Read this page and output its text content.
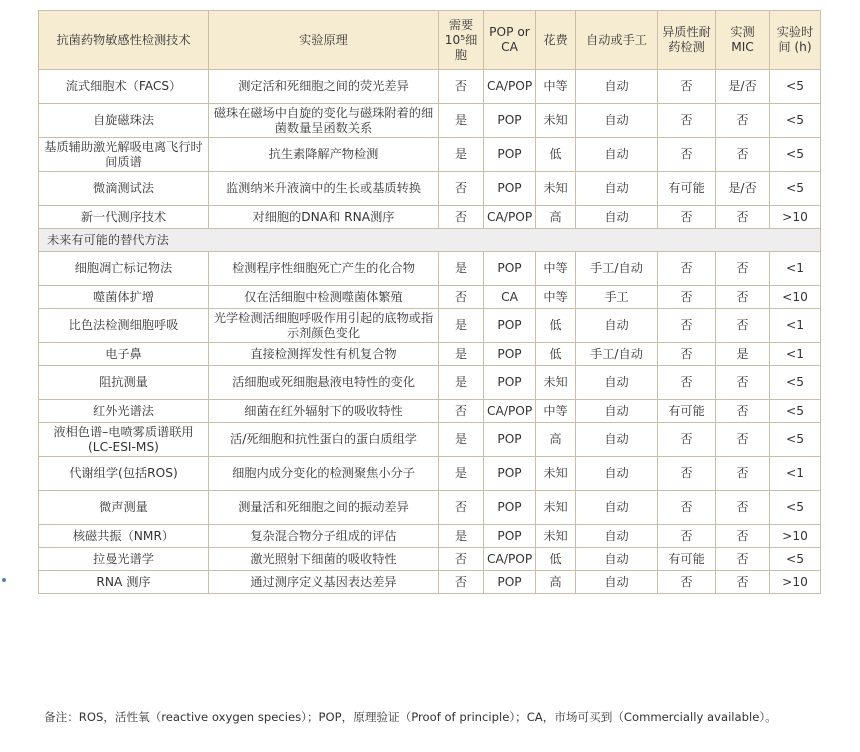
抗菌药物敏感性检测技术	实验原理	需要10⁵细胞	POP or CA	花费	自动或手工	异质性耐药检测	实测 MIC	实验时间 (h)
流式细胞术（FACS）	测定活和死细胞之间的荧光差异	否	CA/POP	中等	自动	否	是/否	<5
自旋磁珠法	磁珠在磁场中自旋的变化与磁珠附着的细菌数量呈函数关系	是	POP	未知	自动	否	否	<5
基质辅助激光解吸电离飞行时间质谱	抗生素降解产物检测	是	POP	低	自动	否	否	<5
微滴测试法	监测纳米升液滴中的生长或基质转换	否	POP	未知	自动	有可能	是/否	<5
新一代测序技术	对细胞的DNA和 RNA测序	否	CA/POP	高	自动	否	否	>10
未来有可能的替代方法								
细胞凋亡标记物法	检测程序性细胞死亡产生的化合物	是	POP	中等	手工/自动	否	否	<1
噬菌体扩增	仅在活细胞中检测噬菌体繁殖	否	CA	中等	手工	否	否	<10
比色法检测细胞呼吸	光学检测活细胞呼吸作用引起的底物或指示剂颜色变化	是	POP	低	自动	否	否	<1
电子鼻	直接检测挥发性有机复合物	是	POP	低	手工/自动	否	是	<1
阻抗测量	活细胞或死细胞悬液电特性的变化	是	POP	未知	自动	否	否	<5
红外光谱法	细菌在红外辐射下的吸收特性	否	CA/POP	中等	自动	有可能	否	<5
液相色谱–电喷雾质谱联用(LC-ESI-MS)	活/死细胞和抗性蛋白的蛋白质组学	是	POP	高	自动	否	否	<5
代谢组学(包括ROS)	细胞内成分变化的检测聚焦小分子	是	POP	未知	自动	否	否	<1
微声测量	测量活和死细胞之间的振动差异	否	POP	未知	自动	否	否	<5
核磁共振（NMR）	复杂混合物分子组成的评估	是	POP	未知	自动	否	否	>10
拉曼光谱学	激光照射下细菌的吸收特性	否	CA/POP	低	自动	有可能	否	<5
RNA 测序	通过测序定义基因表达差异	否	POP	高	自动	否	否	>10
备注：ROS，活性氧（reactive oxygen species）；POP，原理验证（Proof of principle）；CA，市场可买到（Commercially available）。
